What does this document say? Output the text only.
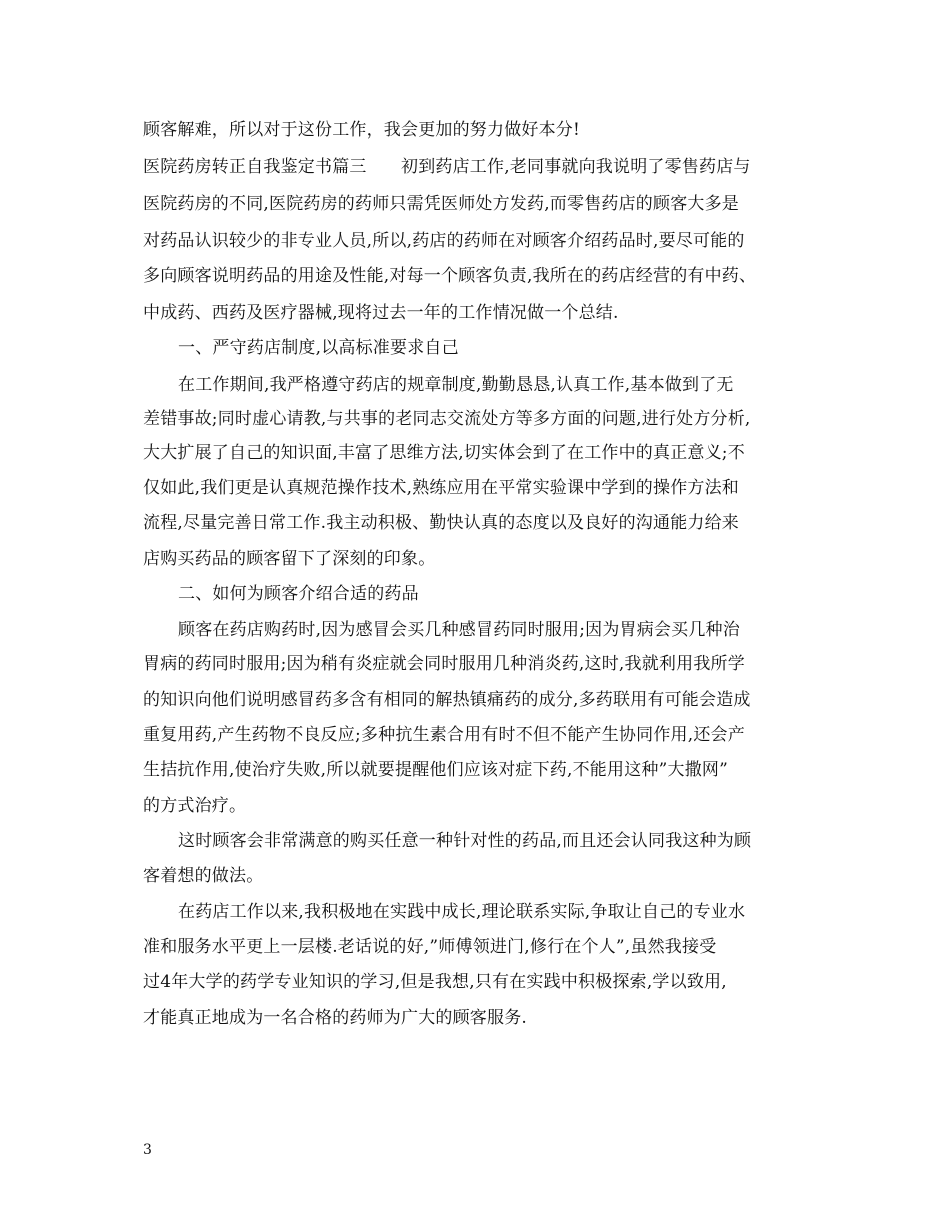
顾客解难，所以对于这份工作，我会更加的努力做好本分!
医院药房转正自我鉴定书篇三　　初到药店工作,老同事就向我说明了零售药店与
医院药房的不同,医院药房的药师只需凭医师处方发药,而零售药店的顾客大多是
对药品认识较少的非专业人员,所以,药店的药师在对顾客介绍药品时,要尽可能的
多向顾客说明药品的用途及性能,对每一个顾客负责,我所在的药店经营的有中药、
中成药、西药及医疗器械,现将过去一年的工作情况做一个总结.
一、严守药店制度,以高标准要求自己
在工作期间,我严格遵守药店的规章制度,勤勤恳恳,认真工作,基本做到了无
差错事故;同时虚心请教,与共事的老同志交流处方等多方面的问题,进行处方分析,
大大扩展了自己的知识面,丰富了思维方法,切实体会到了在工作中的真正意义;不
仅如此,我们更是认真规范操作技术,熟练应用在平常实验课中学到的操作方法和
流程,尽量完善日常工作.我主动积极、勤快认真的态度以及良好的沟通能力给来
店购买药品的顾客留下了深刻的印象。
二、如何为顾客介绍合适的药品
顾客在药店购药时,因为感冒会买几种感冒药同时服用;因为胃病会买几种治
胃病的药同时服用;因为稍有炎症就会同时服用几种消炎药,这时,我就利用我所学
的知识向他们说明感冒药多含有相同的解热镇痛药的成分,多药联用有可能会造成
重复用药,产生药物不良反应;多种抗生素合用有时不但不能产生协同作用,还会产
生拮抗作用,使治疗失败,所以就要提醒他们应该对症下药,不能用这种”大撒网”
的方式治疗。
这时顾客会非常满意的购买任意一种针对性的药品,而且还会认同我这种为顾
客着想的做法。
在药店工作以来,我积极地在实践中成长,理论联系实际,争取让自己的专业水
准和服务水平更上一层楼.老话说的好,”师傅领进门,修行在个人”,虽然我接受
过4年大学的药学专业知识的学习,但是我想,只有在实践中积极探索,学以致用,
才能真正地成为一名合格的药师为广大的顾客服务.
3
